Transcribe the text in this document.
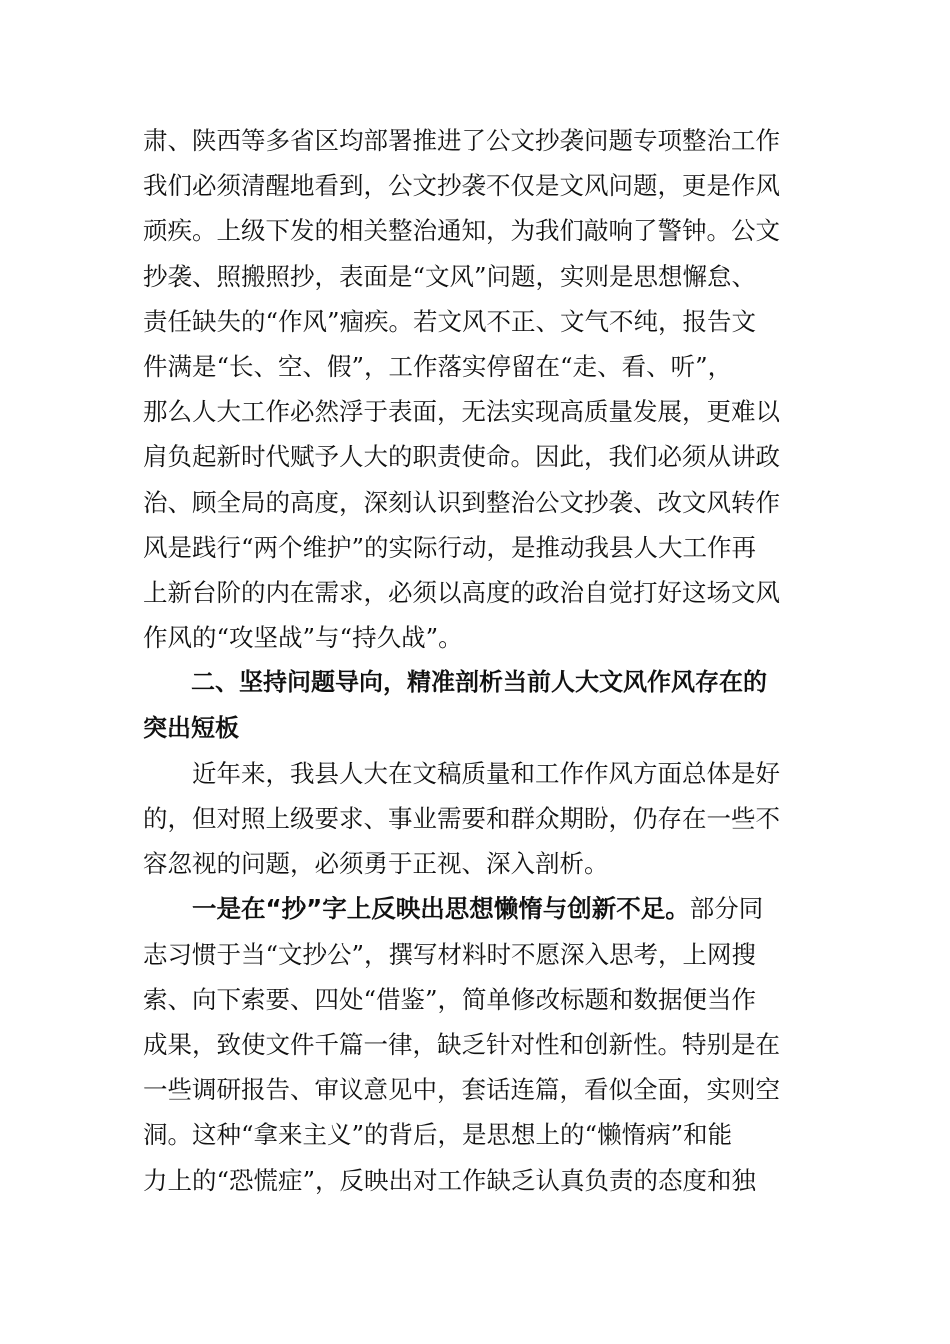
肃、陕西等多省区均部署推进了公文抄袭问题专项整治工作
我们必须清醒地看到，公文抄袭不仅是文风问题，更是作风
顽疾。上级下发的相关整治通知，为我们敲响了警钟。公文
抄袭、照搬照抄，表面是“文风”问题，实则是思想懈怠、
责任缺失的“作风”痼疾。若文风不正、文气不纯，报告文
件满是“长、空、假”，工作落实停留在“走、看、听”，
那么人大工作必然浮于表面，无法实现高质量发展，更难以
肩负起新时代赋予人大的职责使命。因此，我们必须从讲政
治、顾全局的高度，深刻认识到整治公文抄袭、改文风转作
风是践行“两个维护”的实际行动，是推动我县人大工作再
上新台阶的内在需求，必须以高度的政治自觉打好这场文风
作风的“攻坚战”与“持久战”。
二、坚持问题导向，精准剖析当前人大文风作风存在的
突出短板
近年来，我县人大在文稿质量和工作作风方面总体是好
的，但对照上级要求、事业需要和群众期盼，仍存在一些不
容忽视的问题，必须勇于正视、深入剖析。
一是在“抄”字上反映出思想懒惰与创新不足。部分同
志习惯于当“文抄公”，撰写材料时不愿深入思考，上网搜
索、向下索要、四处“借鉴”，简单修改标题和数据便当作
成果，致使文件千篇一律，缺乏针对性和创新性。特别是在
一些调研报告、审议意见中，套话连篇，看似全面，实则空
洞。这种“拿来主义”的背后，是思想上的“懒惰病”和能
力上的“恐慌症”，反映出对工作缺乏认真负责的态度和独
